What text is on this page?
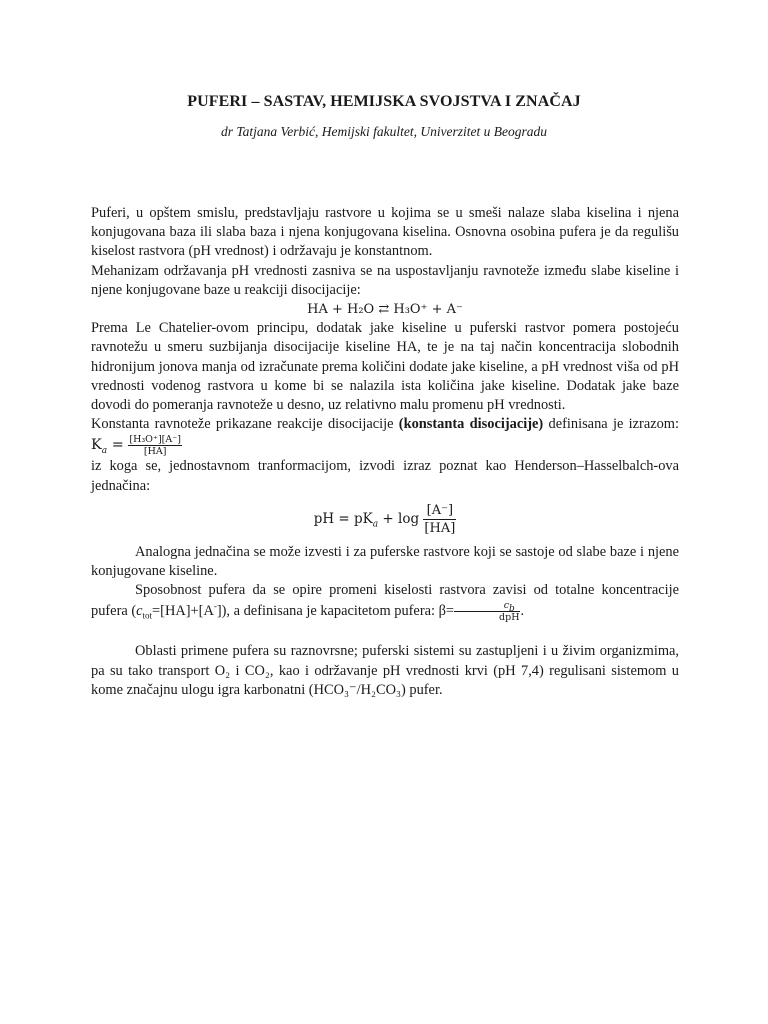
PUFERI – SASTAV, HEMIJSKA SVOJSTVA I ZNAČAJ
dr Tatjana Verbić, Hemijski fakultet, Univerzitet u Beogradu

Puferi, u opštem smislu, predstavljaju rastvore u kojima se u smeši nalaze slaba kiselina i njena konjugovana baza ili slaba baza i njena konjugovana kiselina. Osnovna osobina pufera je da regulišu kiselost rastvora (pH vrednost) i održavaju je konstantnom.

Mehanizam održavanja pH vrednosti zasniva se na uspostavljanju ravnoteže između slabe kiseline i njene konjugovane baze u reakciji disocijacije:

HA + H₂O ⇄ H₃O⁺ + A⁻

Prema Le Chatelier-ovom principu, dodatak jake kiseline u puferski rastvor pomera postojeću ravnotežu u smeru suzbijanja disocijacije kiseline HA, te je na taj način koncentracija slobodnih hidronijum jonova manja od izračunate prema količini dodate jake kiseline, a pH vrednost viša od pH vrednosti vodenog rastvora u kome bi se nalazila ista količina jake kiseline. Dodatak jake baze dovodi do pomeranja ravnoteže u desno, uz relativno malu promenu pH vrednosti.

Konstanta ravnoteže prikazane reakcije disocijacije (konstanta disocijacije) definisana je izrazom: $K_a = \frac{\text{[H₃O⁺][A⁻]}}{[HA]}$

iz koga se, jednostavnom tranformacijom, izvodi izraz poznat kao Henderson–Hasselbalch-ova jednačina:

pH = $pK_a + \log \frac{[A^-]}{[HA]}$

Analogna jednačina se može izvesti i za puferske rastvore koji se sastoje od slabe baze i njene konjugovane kiseline.

Sposobnost pufera da se opire promeni kiselosti rastvora zavisi od totalne koncentracije pufera $(c_{tot}=[HA]+[A^-])$, a definisana je kapacitetom pufera: $\beta= \frac{c_b}{\text{dpH}}$ .

Oblasti primene pufera su raznovrsne; puferski sistemi su zastupljeni i u živim organizmima, pa su tako transport O₂ i CO₂, kao i održavanje pH vrednosti krvi (pH 7,4) regulisani sistemom u kome značajnu ulogu igra karbonatni (HCO₃⁻/H₂CO₃) pufer.
